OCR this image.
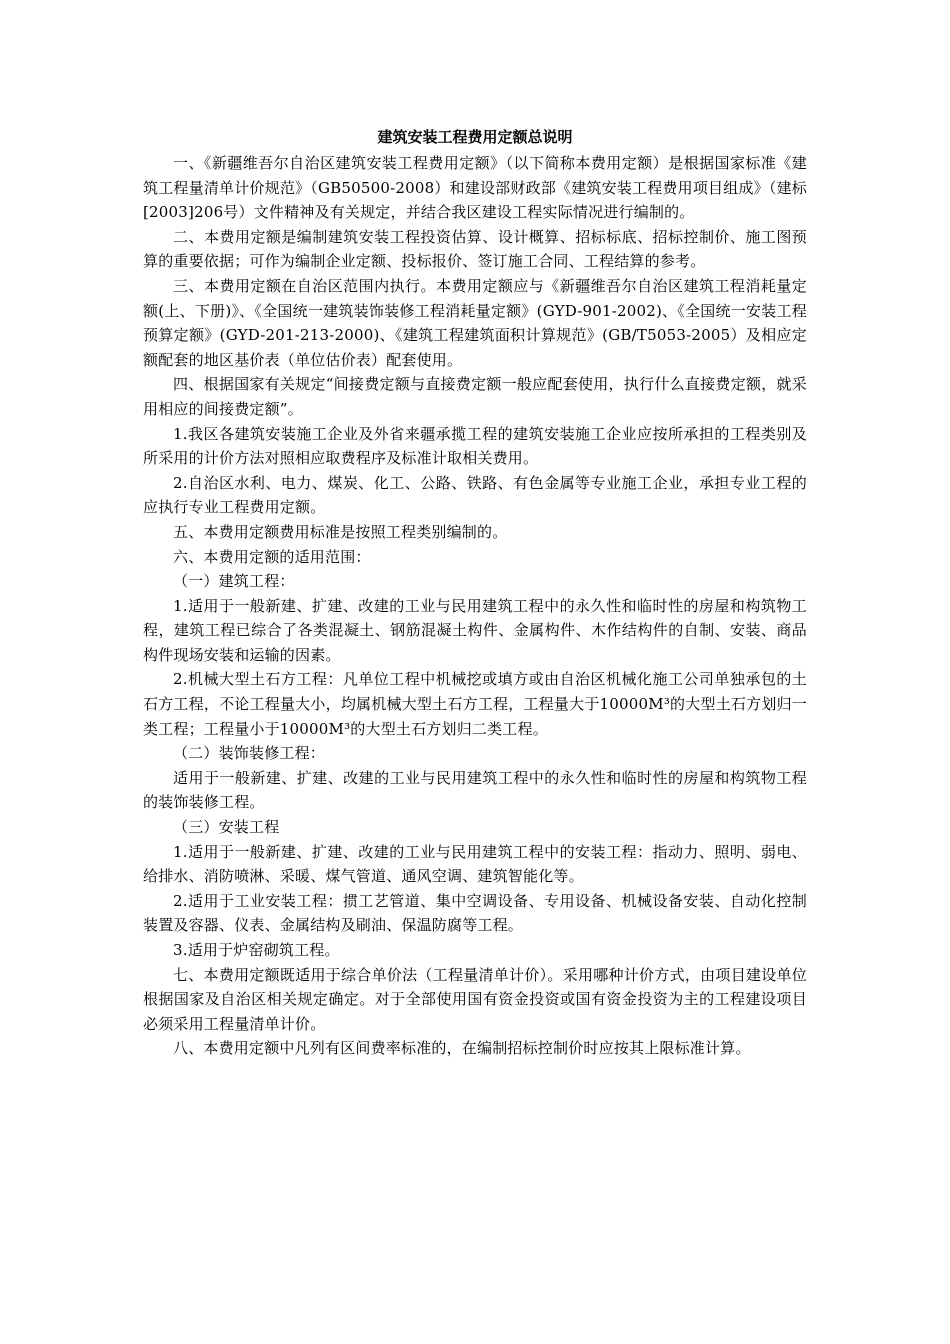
建筑安装工程费用定额总说明

一、《新疆维吾尔自治区建筑安装工程费用定额》（以下简称本费用定额）是根据国家标准《建筑工程量清单计价规范》（GB50500-2008）和建设部财政部《建筑安装工程费用项目组成》（建标[2003]206号）文件精神及有关规定，并结合我区建设工程实际情况进行编制的。

二、本费用定额是编制建筑安装工程投资估算、设计概算、招标标底、招标控制价、施工图预算的重要依据；可作为编制企业定额、投标报价、签订施工合同、工程结算的参考。

三、本费用定额在自治区范围内执行。本费用定额应与《新疆维吾尔自治区建筑工程消耗量定额(上、下册)》、《全国统一建筑装饰装修工程消耗量定额》(GYD-901-2002)、《全国统一安装工程预算定额》(GYD-201-213-2000)、《建筑工程建筑面积计算规范》(GB/T5053-2005）及相应定额配套的地区基价表（单位估价表）配套使用。

四、根据国家有关规定“间接费定额与直接费定额一般应配套使用，执行什么直接费定额，就采用相应的间接费定额”。

1.我区各建筑安装施工企业及外省来疆承揽工程的建筑安装施工企业应按所承担的工程类别及所采用的计价方法对照相应取费程序及标准计取相关费用。

2.自治区水利、电力、煤炭、化工、公路、铁路、有色金属等专业施工企业，承担专业工程的应执行专业工程费用定额。

五、本费用定额费用标准是按照工程类别编制的。

六、本费用定额的适用范围：

（一）建筑工程：

1.适用于一般新建、扩建、改建的工业与民用建筑工程中的永久性和临时性的房屋和构筑物工程，建筑工程已综合了各类混凝土、钢筋混凝土构件、金属构件、木作结构件的自制、安装、商品构件现场安装和运输的因素。

2.机械大型土石方工程：凡单位工程中机械挖或填方或由自治区机械化施工公司单独承包的土石方工程，不论工程量大小，均属机械大型土石方工程，工程量大于10000M³的大型土石方划归一类工程；工程量小于10000M³的大型土石方划归二类工程。

（二）装饰装修工程：

适用于一般新建、扩建、改建的工业与民用建筑工程中的永久性和临时性的房屋和构筑物工程的装饰装修工程。

（三）安装工程

1.适用于一般新建、扩建、改建的工业与民用建筑工程中的安装工程：指动力、照明、弱电、给排水、消防喷淋、采暖、煤气管道、通风空调、建筑智能化等。

2.适用于工业安装工程：掼工艺管道、集中空调设备、专用设备、机械设备安装、自动化控制装置及容器、仪表、金属结构及刷油、保温防腐等工程。

3.适用于炉窑砌筑工程。

七、本费用定额既适用于综合单价法（工程量清单计价）。采用哪种计价方式，由项目建设单位根据国家及自治区相关规定确定。对于全部使用国有资金投资或国有资金投资为主的工程建设项目必须采用工程量清单计价。

八、本费用定额中凡列有区间费率标准的，在编制招标控制价时应按其上限标准计算。
